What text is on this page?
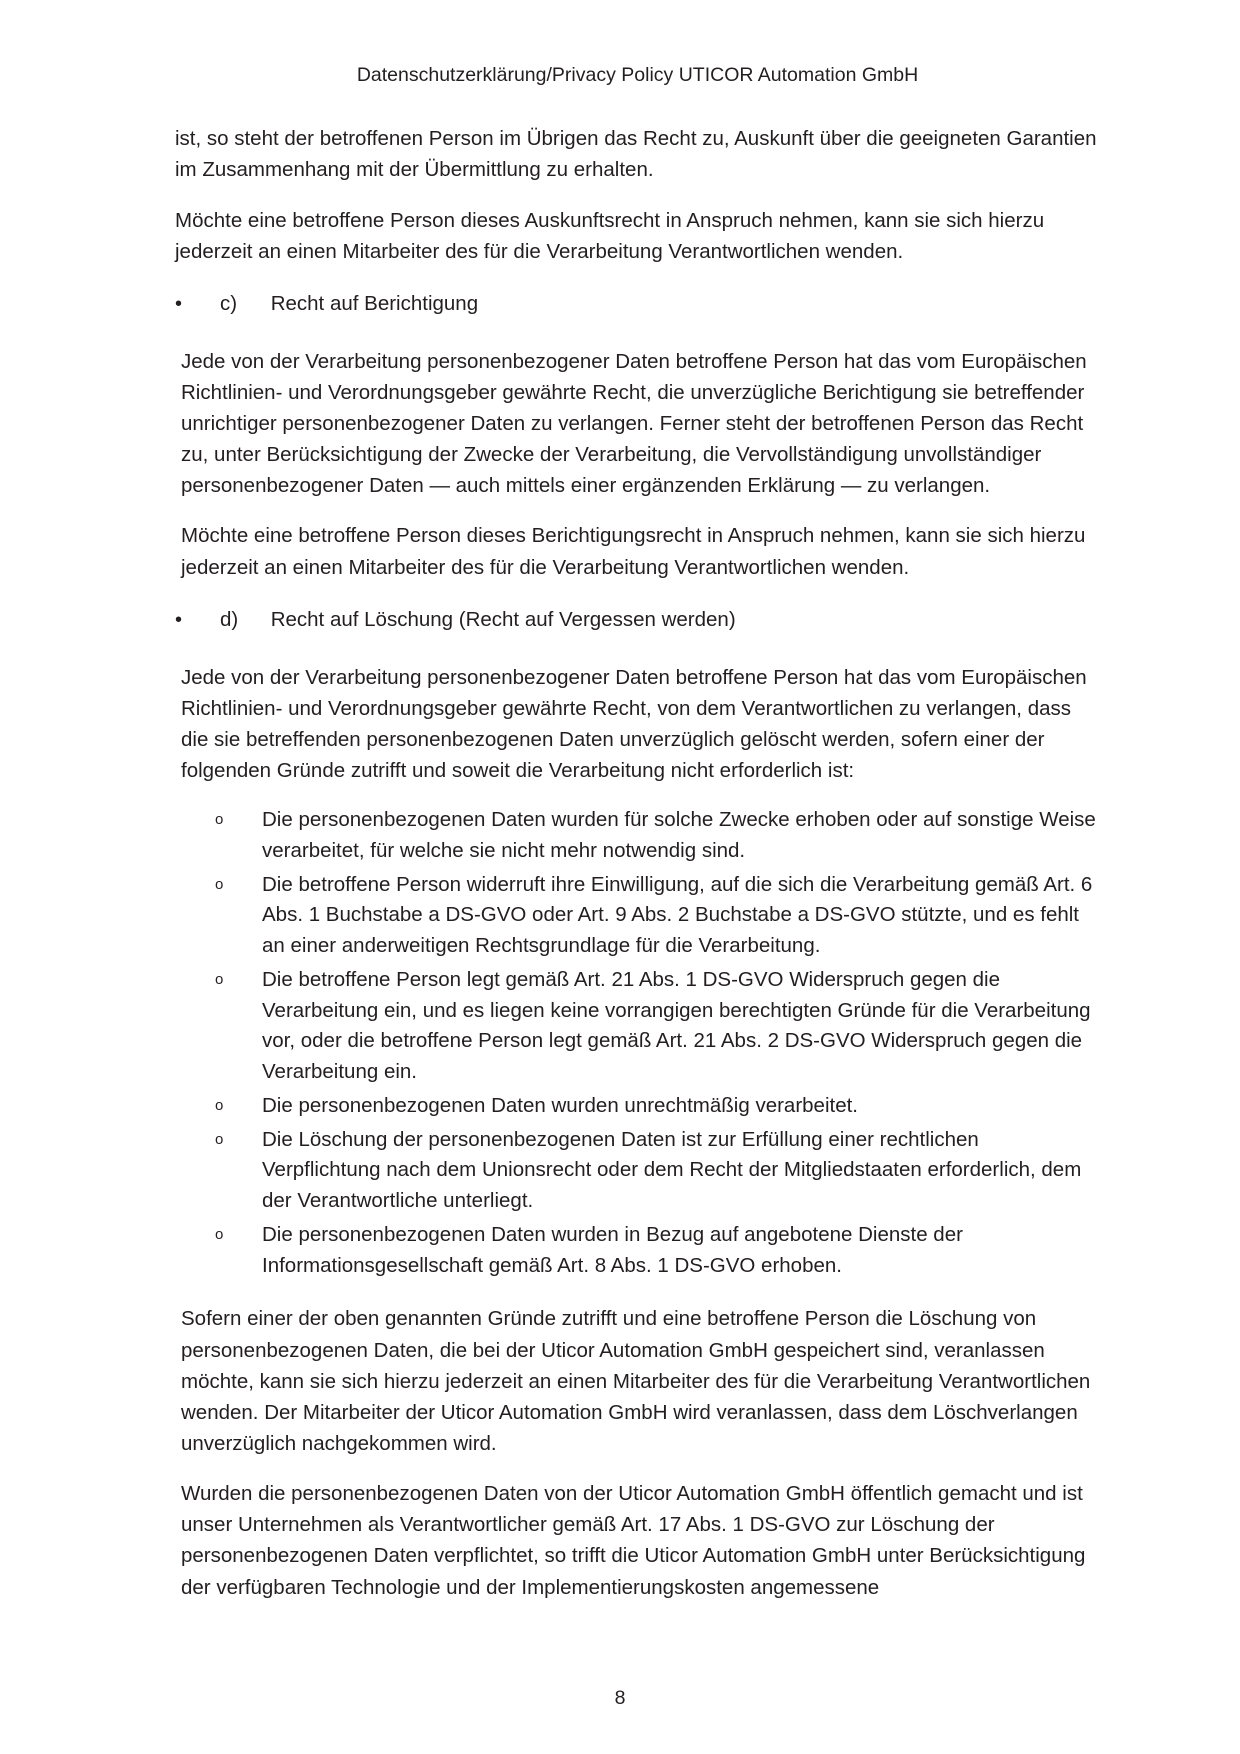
Datenschutzerklärung/Privacy Policy UTICOR Automation GmbH

ist, so steht der betroffenen Person im Übrigen das Recht zu, Auskunft über die geeigneten Garantien im Zusammenhang mit der Übermittlung zu erhalten.

Möchte eine betroffene Person dieses Auskunftsrecht in Anspruch nehmen, kann sie sich hierzu jederzeit an einen Mitarbeiter des für die Verarbeitung Verantwortlichen wenden.

• c) Recht auf Berichtigung

Jede von der Verarbeitung personenbezogener Daten betroffene Person hat das vom Europäischen Richtlinien- und Verordnungsgeber gewährte Recht, die unverzügliche Berichtigung sie betreffender unrichtiger personenbezogener Daten zu verlangen. Ferner steht der betroffenen Person das Recht zu, unter Berücksichtigung der Zwecke der Verarbeitung, die Vervollständigung unvollständiger personenbezogener Daten — auch mittels einer ergänzenden Erklärung — zu verlangen.

Möchte eine betroffene Person dieses Berichtigungsrecht in Anspruch nehmen, kann sie sich hierzu jederzeit an einen Mitarbeiter des für die Verarbeitung Verantwortlichen wenden.

• d) Recht auf Löschung (Recht auf Vergessen werden)

Jede von der Verarbeitung personenbezogener Daten betroffene Person hat das vom Europäischen Richtlinien- und Verordnungsgeber gewährte Recht, von dem Verantwortlichen zu verlangen, dass die sie betreffenden personenbezogenen Daten unverzüglich gelöscht werden, sofern einer der folgenden Gründe zutrifft und soweit die Verarbeitung nicht erforderlich ist:

o Die personenbezogenen Daten wurden für solche Zwecke erhoben oder auf sonstige Weise verarbeitet, für welche sie nicht mehr notwendig sind.
o Die betroffene Person widerruft ihre Einwilligung, auf die sich die Verarbeitung gemäß Art. 6 Abs. 1 Buchstabe a DS-GVO oder Art. 9 Abs. 2 Buchstabe a DS-GVO stützte, und es fehlt an einer anderweitigen Rechtsgrundlage für die Verarbeitung.
o Die betroffene Person legt gemäß Art. 21 Abs. 1 DS-GVO Widerspruch gegen die Verarbeitung ein, und es liegen keine vorrangigen berechtigten Gründe für die Verarbeitung vor, oder die betroffene Person legt gemäß Art. 21 Abs. 2 DS-GVO Widerspruch gegen die Verarbeitung ein.
o Die personenbezogenen Daten wurden unrechtmäßig verarbeitet.
o Die Löschung der personenbezogenen Daten ist zur Erfüllung einer rechtlichen Verpflichtung nach dem Unionsrecht oder dem Recht der Mitgliedstaaten erforderlich, dem der Verantwortliche unterliegt.
o Die personenbezogenen Daten wurden in Bezug auf angebotene Dienste der Informationsgesellschaft gemäß Art. 8 Abs. 1 DS-GVO erhoben.

Sofern einer der oben genannten Gründe zutrifft und eine betroffene Person die Löschung von personenbezogenen Daten, die bei der Uticor Automation GmbH gespeichert sind, veranlassen möchte, kann sie sich hierzu jederzeit an einen Mitarbeiter des für die Verarbeitung Verantwortlichen wenden. Der Mitarbeiter der Uticor Automation GmbH wird veranlassen, dass dem Löschverlangen unverzüglich nachgekommen wird.

Wurden die personenbezogenen Daten von der Uticor Automation GmbH öffentlich gemacht und ist unser Unternehmen als Verantwortlicher gemäß Art. 17 Abs. 1 DS-GVO zur Löschung der personenbezogenen Daten verpflichtet, so trifft die Uticor Automation GmbH unter Berücksichtigung der verfügbaren Technologie und der Implementierungskosten angemessene

8
